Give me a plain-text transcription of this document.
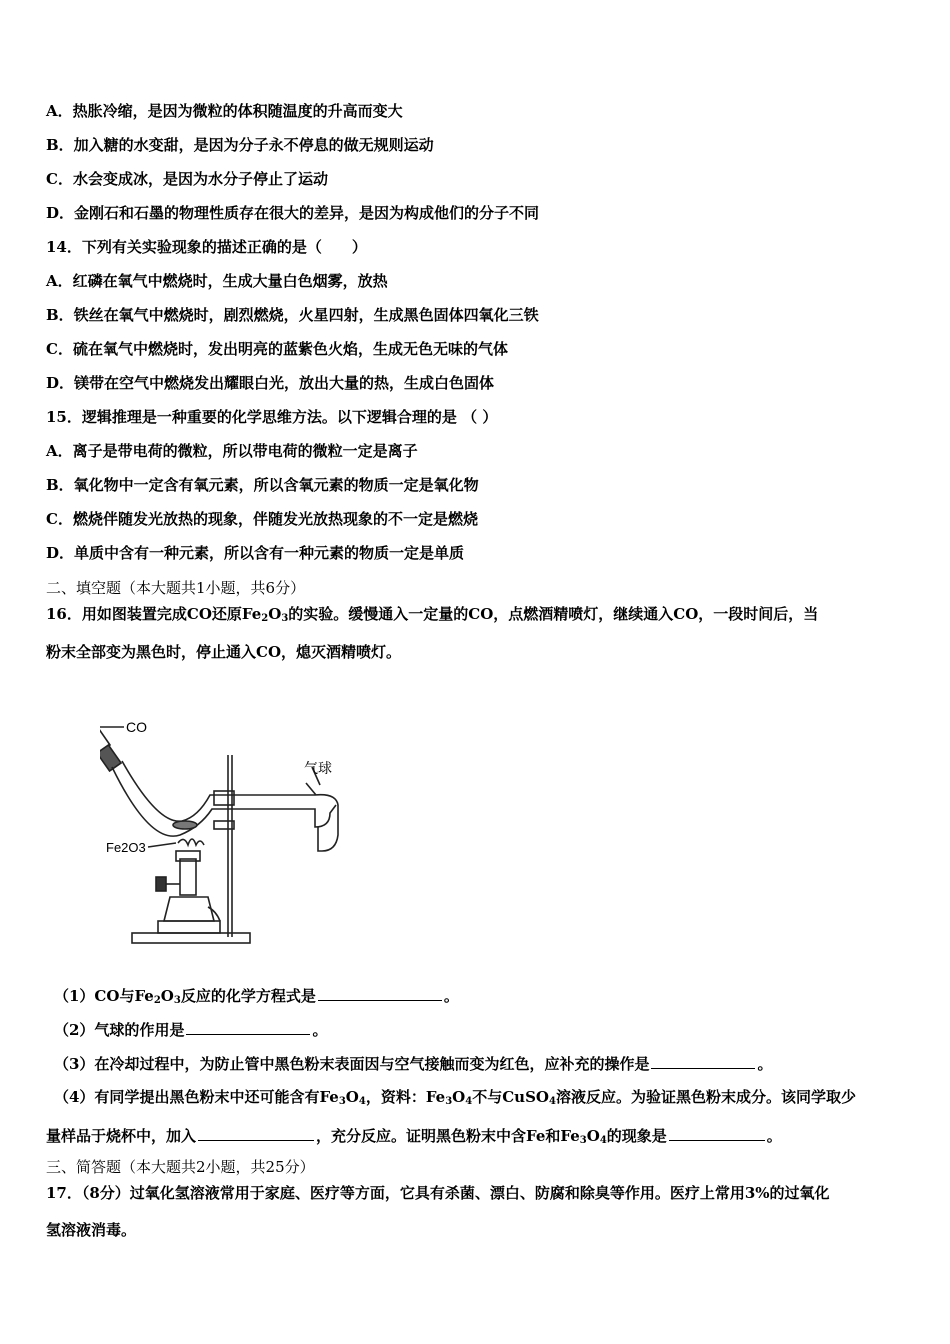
A．热胀冷缩，是因为微粒的体积随温度的升高而变大
B．加入糖的水变甜，是因为分子永不停息的做无规则运动
C．水会变成冰，是因为水分子停止了运动
D．金刚石和石墨的物理性质存在很大的差异，是因为构成他们的分子不同
14．下列有关实验现象的描述正确的是（　　）
A．红磷在氧气中燃烧时，生成大量白色烟雾，放热
B．铁丝在氧气中燃烧时，剧烈燃烧，火星四射，生成黑色固体四氧化三铁
C．硫在氧气中燃烧时，发出明亮的蓝紫色火焰，生成无色无味的气体
D．镁带在空气中燃烧发出耀眼白光，放出大量的热，生成白色固体
15．逻辑推理是一种重要的化学思维方法。以下逻辑合理的是 （ ）
A．离子是带电荷的微粒，所以带电荷的微粒一定是离子
B．氧化物中一定含有氧元素，所以含氧元素的物质一定是氧化物
C．燃烧伴随发光放热的现象，伴随发光放热现象的不一定是燃烧
D．单质中含有一种元素，所以含有一种元素的物质一定是单质
二、填空题（本大题共1小题，共6分）
16．用如图装置完成CO还原$Fe_2O_3$的实验。缓慢通入一定量的CO，点燃酒精喷灯，继续通入CO，一段时间后，当
粉末全部变为黑色时，停止通入CO，熄灭酒精喷灯。
CO
气球
Fe2O3
（1）CO与$Fe_2O_3$反应的化学方程式是	。
（2）气球的作用是	。
（3）在冷却过程中，为防止管中黑色粉末表面因与空气接触而变为红色，应补充的操作是	。
（4）有同学提出黑色粉末中还可能含有$Fe_3O_4$，资料：$Fe_3O_4$不与CuSO$_4$溶液反应。为验证黑色粉末成分。该同学取少
量样品于烧杯中，加入	，充分反应。证明黑色粉末中含Fe和$Fe_3O_4$的现象是	。
三、简答题（本大题共2小题，共25分）
17．（8分）过氧化氢溶液常用于家庭、医疗等方面，它具有杀菌、漂白、防腐和除臭等作用。医疗上常用3%的过氧化
氢溶液消毒。
